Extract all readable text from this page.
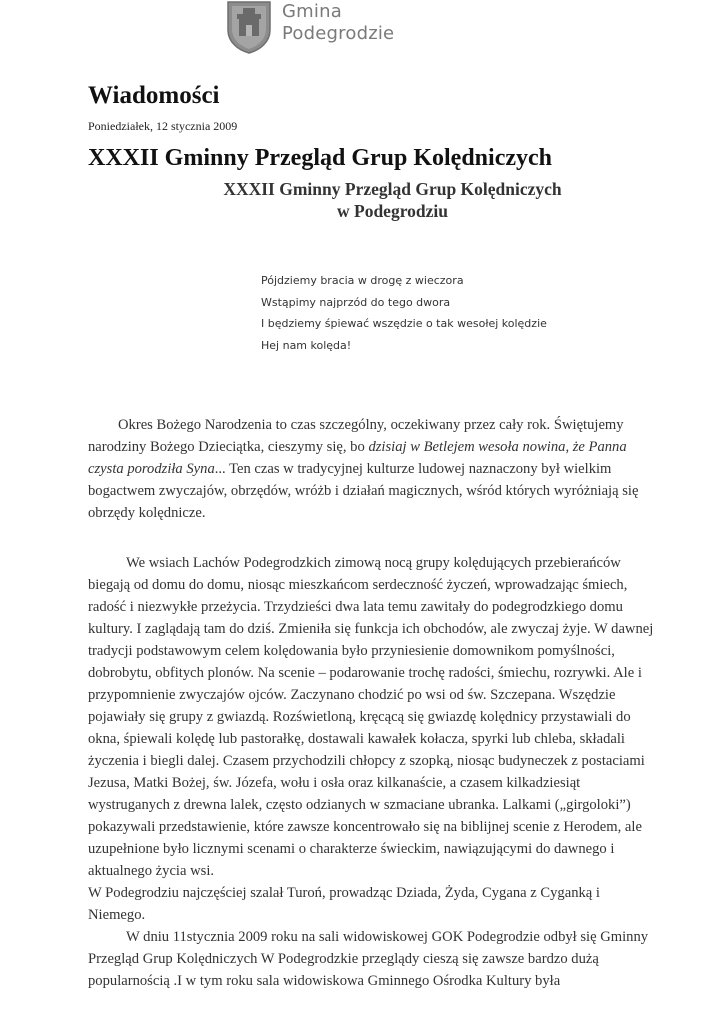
Gmina
Podegrodzie
Wiadomości
Poniedziałek, 12 stycznia 2009
XXXII Gminny Przegląd Grup Kolędniczych
XXXII Gminny Przegląd Grup Kolędniczych
w Podegrodziu
Pójdziemy bracia w drogę z wieczora
Wstąpimy najprzód do tego dwora
I będziemy śpiewać wszędzie o tak wesołej kolędzie
Hej nam kolęda!

Okres Bożego Narodzenia to czas szczególny, oczekiwany przez cały rok. Świętujemy narodziny Bożego Dzieciątka, cieszymy się, bo dzisiaj w Betlejem wesoła nowina, że Panna czysta porodziła Syna... Ten czas w tradycyjnej kulturze ludowej naznaczony był wielkim bogactwem zwyczajów, obrzędów, wróżb i działań magicznych, wśród których wyróżniają się obrzędy kolędnicze.

We wsiach Lachów Podegrodzkich zimową nocą grupy kolędujących przebierańców biegają od domu do domu, niosąc mieszkańcom serdeczność życzeń, wprowadzając śmiech, radość i niezwykłe przeżycia. Trzydzieści dwa lata temu zawitały do podegrodzkiego domu kultury. I zaglądają tam do dziś. Zmieniła się funkcja ich obchodów, ale zwyczaj żyje. W dawnej tradycji podstawowym celem kolędowania było przyniesienie domownikom pomyślności, dobrobytu, obfitych plonów. Na scenie – podarowanie trochę radości, śmiechu, rozrywki. Ale i przypomnienie zwyczajów ojców. Zaczynano chodzić po wsi od św. Szczepana. Wszędzie pojawiały się grupy z gwiazdą. Rozświetloną, kręcącą się gwiazdę kolędnicy przystawiali do okna, śpiewali kolędę lub pastorałkę, dostawali kawałek kołacza, spyrki lub chleba, składali życzenia i biegli dalej. Czasem przychodzili chłopcy z szopką, niosąc budyneczek z postaciami Jezusa, Matki Bożej, św. Józefa, wołu i osła oraz kilkanaście, a czasem kilkadziesiąt wystruganych z drewna lalek, często odzianych w szmaciane ubranka. Lalkami („girgoloki”) pokazywali przedstawienie, które zawsze koncentrowało się na biblijnej scenie z Herodem, ale uzupełnione było licznymi scenami o charakterze świeckim, nawiązującymi do dawnego i aktualnego życia wsi.

W Podegrodziu najczęściej szalał Turoń, prowadząc Dziada, Żyda, Cygana z Cyganką i Niemego.

W dniu 11stycznia 2009 roku na sali widowiskowej GOK Podegrodzie odbył się Gminny Przegląd Grup Kolędniczych W Podegrodzkie przeglądy cieszą się zawsze bardzo dużą popularnością .I w tym roku sala widowiskowa Gminnego Ośrodka Kultury była
